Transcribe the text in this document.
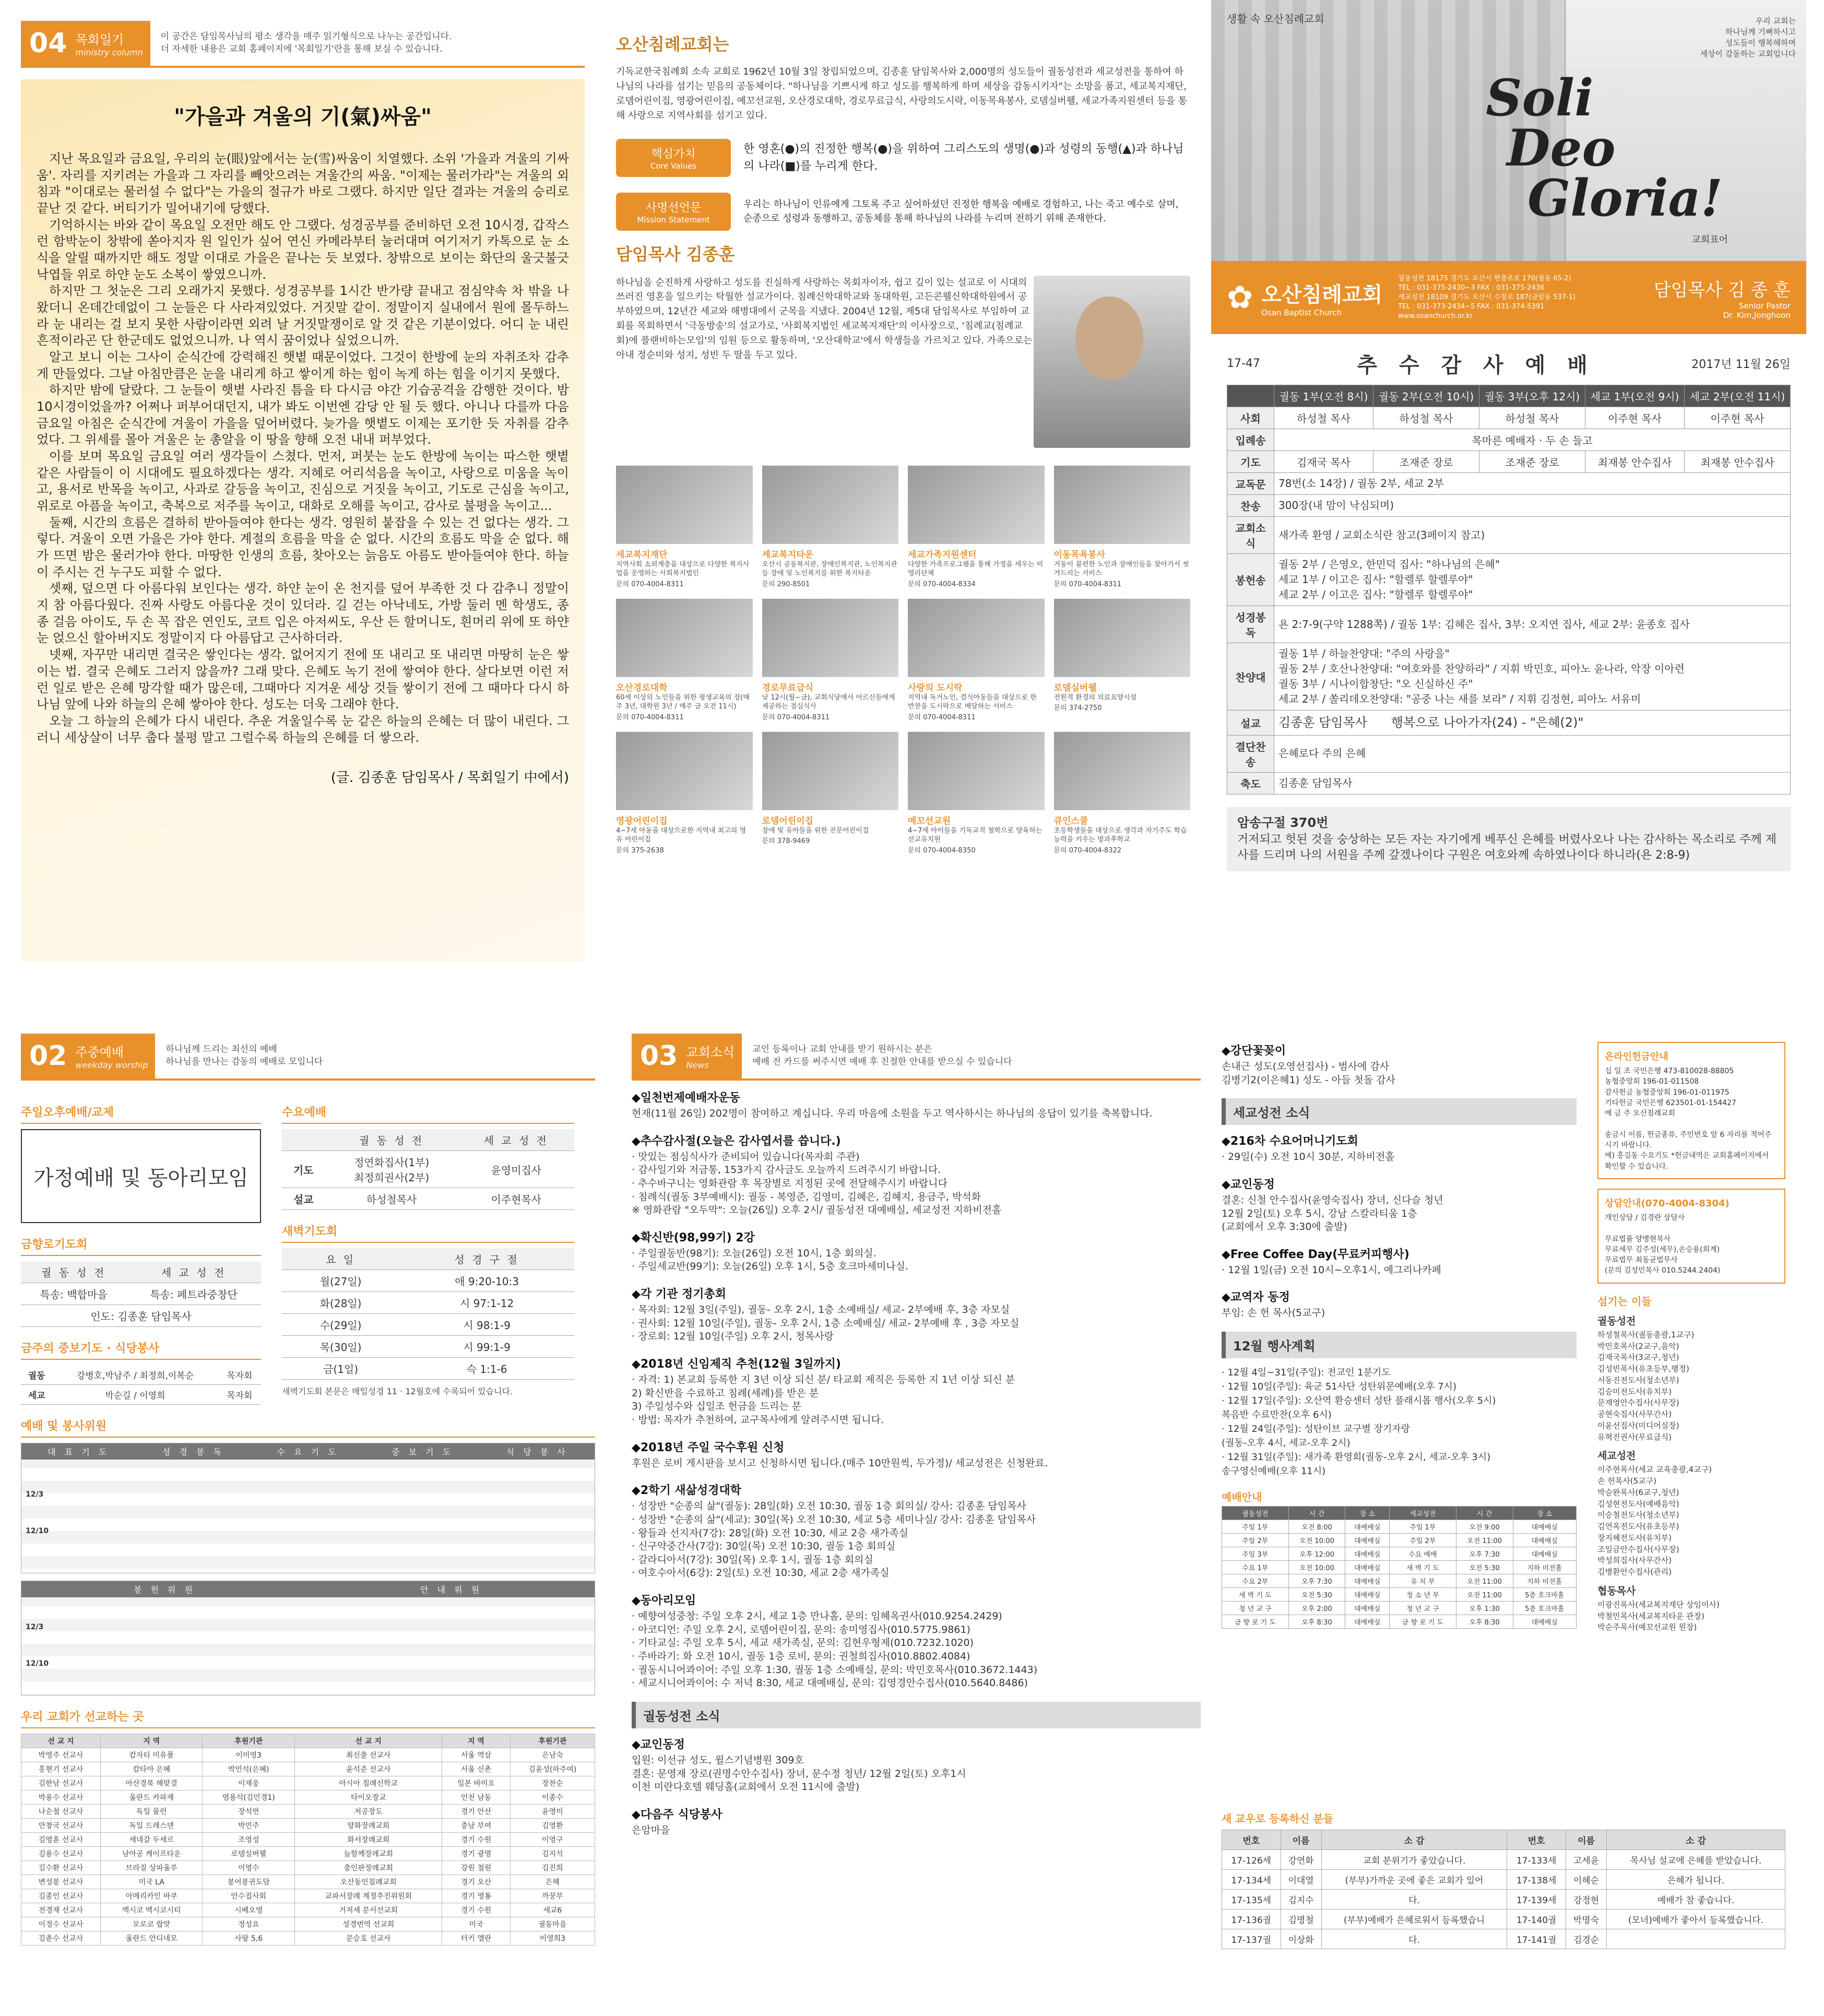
04 목회일기
ministry column
이 공간은 담임목사님의 평소 생각을 매주 읽기형식으로 나누는 공간입니다.
더 자세한 내용은 교회 홈페이지에 '목회일기'란을 통해 보실 수 있습니다.
"가을과 겨울의 기(氣)싸움"

지난 목요일과 금요일, 우리의 눈(眼)앞에서는 눈(雪)싸움이 치열했다. 소위 '가을과 겨울의 기싸움'. 자리를 지키려는 가을과 그 자리를 빼앗으려는 겨울간의 싸움. "이제는 물러가라"는 겨울의 외침과 "이대로는 물러설 수 없다"는 가을의 절규가 바로 그랬다. 하지만 일단 결과는 겨울의 승리로 끝난 것 같다. 버티기가 밀어내기에 당했다.

기억하시는 바와 같이 목요일 오전만 해도 안 그랬다. 성경공부를 준비하던 오전 10시경, 갑작스런 함박눈이 창밖에 쏟아지자 원 일인가 싶어 연신 카메라부터 눌러대며 여기저기 카톡으로 눈 소식을 알릴 때까지만 해도 정말 이대로 가을은 끝나는 듯 보였다. 창밖으로 보이는 화단의 울긋불긋 낙엽들 위로 하얀 눈도 소복이 쌓였으니까.

하지만 그 첫눈은 그리 오래가지 못했다. 성경공부를 1시간 반가량 끝내고 점심약속 차 밖을 나왔더니 온데간데없이 그 눈들은 다 사라져있었다. 거짓말 같이. 정말이지 실내에서 원에 몰두하느라 눈 내리는 걸 보지 못한 사람이라면 외려 날 거짓말쟁이로 알 것 같은 기분이었다. 어디 눈 내린 흔적이라곤 단 한군데도 없었으니까. 나 역시 꿈이었나 싶었으니까.

알고 보니 이는 그사이 순식간에 강력해진 햇볕 때문이었다. 그것이 한방에 눈의 자취조차 감추게 만들었다. 그날 아침만큼은 눈을 내리게 하고 쌓이게 하는 힘이 녹게 하는 힘을 이기지 못했다.

하지만 밤에 달랐다. 그 눈들이 햇볕 사라진 틈을 타 다시금 야간 기습공격을 감행한 것이다. 밤10시경이었을까? 어쩌나 퍼부어대던지, 내가 봐도 이번엔 감당 안 될 듯 했다. 아니나 다를까 다음 금요일 아침은 순식간에 겨울이 가을을 덮어버렸다. 늦가을 햇볕도 이제는 포기한 듯 자취를 감추었다. 그 위세를 몰아 겨울은 눈 총알을 이 땅을 향해 오전 내내 퍼부었다.

이를 보며 목요일 금요일 여러 생각들이 스쳤다. 먼저, 퍼붓는 눈도 한방에 녹이는 따스한 햇볕 같은 사람들이 이 시대에도 필요하겠다는 생각. 지혜로 어리석음을 녹이고, 사랑으로 미움을 녹이고, 용서로 반목을 녹이고, 사과로 갈등을 녹이고, 진심으로 거짓을 녹이고, 기도로 근심을 녹이고, 위로로 아픔을 녹이고, 축복으로 저주를 녹이고, 대화로 오해를 녹이고, 감사로 불평을 녹이고...

둘째, 시간의 흐름은 결하히 받아들여야 한다는 생각. 영원히 붙잡을 수 있는 건 없다는 생각. 그렇다. 겨울이 오면 가을은 가야 한다. 계절의 흐름을 막을 순 없다. 시간의 흐름도 막을 순 없다. 해가 뜨면 밤은 물러가야 한다. 마땅한 인생의 흐름, 찾아오는 늙음도 아름도 받아들여야 한다. 하늘이 주시는 건 누구도 피할 수 없다.

셋째, 덮으면 다 아름다워 보인다는 생각. 하얀 눈이 온 천지를 덮어 부족한 것 다 감추니 정말이지 참 아름다웠다. 진짜 사랑도 아름다운 것이 있더라. 길 걷는 아낙네도, 가방 둘러 멘 학생도, 종종 걸음 아이도, 두 손 꼭 잡은 연인도, 코트 입은 아저씨도, 우산 든 할머니도, 흰머리 위에 또 하얀 눈 얹으신 할아버지도 정말이지 다 아름답고 근사하더라.

넷째, 자꾸만 내리면 결국은 쌓인다는 생각. 없어지기 전에 또 내리고 또 내리면 마땅히 눈은 쌓이는 법. 결국 은혜도 그러지 않을까? 그래 맞다. 은혜도 녹기 전에 쌓여야 한다. 살다보면 이런 저런 일로 받은 은혜 망각할 때가 많은데, 그때마다 지겨운 세상 것들 쌓이기 전에 그 때마다 다시 하나님 앞에 나와 하늘의 은혜 쌓아야 한다. 성도는 더욱 그래야 한다.

오늘 그 하늘의 은혜가 다시 내린다. 추운 겨울일수록 눈 같은 하늘의 은혜는 더 많이 내린다. 그러니 세상살이 너무 춥다 불평 말고 그럴수록 하늘의 은혜를 더 쌓으라.

(글. 김종훈 담임목사 / 목회일기 中에서)
오산침례교회는

기독교한국침례회 소속 교회로 1962년 10월 3일 창립되었으며, 김종훈 담임목사와 2,000명의 성도들이 궐동성전과 세교성전을 통하여 하나님의 나라를 섬기는 믿음의 공동체이다. "하나님을 기쁘시게 하고 성도를 행복하게 하며 세상을 감동시키자"는 소망을 품고, 세교복지재단, 로뎀어린이집, 영광어린이집, 예꼬선교원, 오산경로대학, 경로무료급식, 사랑의도시락, 이동목욕봉사, 로뎀실버웰, 세교가족지원센터 등을 통해 사랑으로 지역사회를 섬기고 있다.

핵심가치
Core Values
한 영혼(●)의 진정한 행복(●)을 위하여 그리스도의 생명(●)과 성령의 동행(▲)과 하나님의 나라(■)를 누리게 한다.
사명선언문
Mission Statement
우리는 하나님이 인류에게 그토록 주고 싶어하셨던 진정한 행복을 예배로 경험하고, 나는 죽고 예수로 살며, 순종으로 성령과 동행하고, 공동체를 통해 하나님의 나라를 누리며 전하기 위해 존재한다.
담임목사 김종훈

하나님을 순진하게 사랑하고 성도를 진실하게 사랑하는 목회자이자, 쉽고 깊이 있는 설교로 이 시대의 쓰러진 영혼을 일으키는 탁월한 설교가이다. 침례신학대학교와 동대학원, 고든콘웰신학대학원에서 공부하였으며, 12년간 세교와 해병대에서 군목을 지냈다. 2004년 12월, 제5대 담임목사로 부임하여 교회를 목회하면서 '극동방송'의 설교가로, '사회복지법인 세교복지재단'의 이사장으로, '침례교(침례교회)에 플랜비하는모임'의 임원 등으로 활동하며, '오산대학교'에서 학생들을 가르치고 있다. 가족으로는 아내 정순미와 성지, 성빈 두 딸을 두고 있다.

세교복지재단
지역사회 소외계층을 대상으로 다양한 복지사업을 운영하는 사회복지법인
문의 070-4004-8311
세교복지타운
오산시 공동복지관, 장애인복지관, 노인복지관 등 장애 및 노인복지를 위한 복지타운
문의 290-8501
세교가족지원센터
다양한 가족프로그램을 통해 가정을 세우는 비영리단체
문의 070-4004-8334
이동목욕봉사
거동이 불편한 노인과 장애인들을 찾아가서 씻겨드리는 서비스
문의 070-4004-8311
오산경로대학
60세 이상의 노인들을 위한 평생교육의 장(매주 3년, 대학원 3년 / 매주 금 오전 11시)
문의 070-4004-8311
경로무료급식
낮 12시(월~금), 교회식당에서 어르신들에게 제공하는 점심식사
문의 070-4004-8311
사랑의 도시락
지역내 독거노인, 결식아동들을 대상으로 한 반찬을 도시락으로 배달하는 서비스
문의 070-4004-8311
로뎀실버웰
전원적 환경의 의료요양시설
문의 374-2750
영광어린이집
4~7세 아동을 대상으로한 지역내 최고의 영유 어린이집
문의 375-2638
로뎀어린이집
장애 및 유아들을 위한 전문어린이집
문의 378-9469
예꼬선교원
4~7세 아이들을 기독교적 철학으로 양육하는 선교유치원
문의 070-4004-8350
큐인스쿨
초등학생들을 대상으로 생각과 자기주도 학습능력을 키우는 방과후학교
문의 070-4004-8322
생활 속 오산침례교회	우리 교회는
하나님께 기뻐하시고
성도들이 행복해하며
세상이 감동하는 교회입니다
Soli
Deo
Gloria!
교회표어
✿ 오산침례교회
Osan Baptist Church
궐동성전 18175 경기도 오산시 현충로로 170(궐동 65-2)
TEL : 031-375-2430~3 FAX : 031-375-2436
세교성전 18109 경기도 오산시 수청로 187(금암동 537-1)
TEL : 031-373-2434~5 FAX : 031-374-5391
www.osanchurch.or.kr
담임목사 김 종 훈
Senior Pastor
Dr. Kim,Jonghoon
17-47	추 수 감 사 예 배	2017년 11월 26일
	궐동 1부(오전 8시)	궐동 2부(오전 10시)	궐동 3부(오후 12시)	세교 1부(오전 9시)	세교 2부(오전 11시)
사회	하성철 목사	하성철 목사	하성철 목사	이주현 목사	이주현 목사
입례송	목마른 예배자 · 두 손 들고				
기도	김재국 목사	조재준 장로	조재준 장로	최재봉 안수집사	최재봉 안수집사
교독문	78번(소 14장) / 궐동 2부, 세교 2부				
찬송	300장(내 맘이 낙심되며)				
교회소식	새가족 환영 / 교회소식란 참고(3페이지 참고)				
봉헌송	궐동 2부 / 은영오, 한민덕 집사: "하나님의 은혜"
세교 1부 / 이고은 집사: "할렐루 할렐루야"
세교 2부 / 이고은 집사: "할렐루 할렐루야"				
성경봉독	욘 2:7-9(구약 1288쪽) / 궐동 1부: 김혜은 집사, 3부: 오지연 집사, 세교 2부: 윤종호 집사				
찬양대	궐동 1부 / 하늘찬양대: "주의 사랑을"
궐동 2부 / 호산나찬양대: "여호와를 찬양하라" / 지휘 박민호, 피아노 윤나라, 악장 이아련
궐동 3부 / 시나이합창단: "오 신실하신 주"
세교 2부 / 쏠리데오찬양대: "공중 나는 새를 보라" / 지휘 김정현, 피아노 서유미				
설교	김종훈 담임목사      행복으로 나아가자(24) - "은혜(2)"				
결단찬송	은혜로다 주의 은혜				
축도	김종훈 담임목사				
암송구절 370번
거저되고 헛된 것을 숭상하는 모든 자는 자기에게 베푸신 은혜를 버렸사오나 나는 감사하는 목소리로 주께 제사를 드리며 나의 서원을 주께 갚겠나이다 구원은 여호와께 속하였나이다 하니라(욘 2:8-9)
02 주중예배
weekday worship
하나님께 드리는 최선의 예배
하나님을 만나는 감동의 예배로 모입니다
주일오후예배/교제
가정예배 및 동아리모임
금향로기도회
궐 동 성 전	세 교 성 전
특송: 백합마을	특송: 페트라중창단
인도: 김종훈 담임목사	
금주의 중보기도 · 식당봉사
궐동	강병호,박남주 / 최정희,이복순	목자회
세교	박순길 / 이영희	목자회
수요예배
	궐 동 성 전	세 교 성 전
기도	정연화집사(1부)
최정희권사(2부)	윤영미집사
설교	하성철목사	이주현목사
새벽기도회
요 일	성 경 구 절
월(27일)	애 9:20-10:3
화(28일)	시 97:1-12
수(29일)	시 98:1-9
목(30일)	시 99:1-9
금(1일)	슥 1:1-6
새벽기도회 본문은 매일성경 11 · 12월호에 수록되어 있습니다.
예배 및 봉사위원
대 표 기 도	성 경 봉 독	수 요 기 도	중 보 기 도	식 당 봉 사
12/3
12/10
봉 헌 위 원	안 내 위 원
12/3
12/10
우리 교회가 선교하는 곳
선 교 지	지 역	후원기관	선 교 지	지 역	후원기관
박영주 선교사	캄자티 미유폴	이미영3	최신출 선교사	서울 역삼	은남숙
홍현기 선교사	캄타아 은혜	박민석(은혜)	윤석준 선교사	서울 신촌	김윤성(하주여)
김한남 선교사	아산경북 해맞결	이재웅	아시아 침례신학교	일본 바미오	장찬순
박용수 선교사	울란드 카파제	염용석(김민경1)	타이오장교	인천 남동	이종수
나순철 선교사	독일 물런	장석연	저공장도	경기 안산	윤영미
안창국 선교사	독일 드레스덴	박민주	양화장례교회	충남 부여	김영환
김영훈 선교사	세네갈 두세르	조영성	화서장례교회	경기 수원	이영구
김용수 선교사	남아공 케이프타운	로뎀실버웰	늘함께장례교회	경기 광명	김지석
김수환 선교사	브라질 상파울루	이영수	충인판장례교회	강원 철원	김진희
변성봉 선교사	미국 LA	봉어봉권도담	오산동인침례교회	경기 오산	은혜
김종인 선교사	아메리카인 바쿠	안수집사회	교파서장례 계정추진위원회	경기 영통	까꿍부
전경재 선교사	멕시코 멕시코시티	시베오영	거저세 문서선교회	경기 수원	세교6
이정수 선교사	모로코 랍맛	정성요	성경번역 선교회	미국	궐동마을
김춘수 선교사	울란드 안디네모	사랑 5,6	문승호 선교사	터키 앨란	이영희3
03 교회소식
News
교인 등록이나 교회 안내를 받기 원하시는 분은
예배 전 카드를 써주시면 예배 후 친절한 안내를 받으실 수 있습니다
◆일천번제예배자운동

현재(11월 26일) 202명이 참여하고 계십니다. 우리 마음에 소원을 두고 역사하시는 하나님의 응답이 있기를 축복합니다.

◆추수감사절(오늘은 감사엽서를 씁니다.)

· 맛있는 점심식사가 준비되어 있습니다(목자회 주관)
· 감사일기와 저금통, 153가지 감사글도 오늘까지 드려주시기 바랍니다.
· 추수바구니는 영화관람 후 목장별로 지정된 곳에 전달해주시기 바랍니다
· 침례식(궐동 3부예배시): 궐동 - 복영준, 김영미, 김혜은, 김혜지, 용금주, 박석화
※ 영화관람 "오두막": 오늘(26일) 오후 2시/ 궐동성전 대예배실, 세교성전 지하비전홀

◆확신반(98,99기) 2강

· 주일궐동반(98기): 오늘(26일) 오전 10시, 1층 회의실.
· 주일세교반(99기): 오늘(26일) 오후 1시, 5층 호크마세미나실.

◆각 기관 정기총회

· 목자회: 12월 3일(주일), 궐동- 오후 2시, 1층 소예배실/ 세교- 2부예배 후, 3층 자모실
· 권사회: 12월 10일(주일), 궐동- 오후 2시, 1층 소예배실/ 세교- 2부예배 후 , 3층 자모실
· 장로회: 12월 10일(주일) 오후 2시, 청목사랑

◆2018년 신임제직 추천(12월 3일까지)

· 자격: 1) 본교회 등록한 지 3년 이상 되신 분/ 타교회 제직은 등록한 지 1년 이상 되신 분
2) 확신반을 수료하고 침례(세례)를 받은 분
3) 주일성수와 십일조 헌금을 드리는 분
· 방법: 목자가 추천하여, 교구목사에게 알려주시면 됩니다.

◆2018년 주일 국수후원 신청

후원은 로비 게시판을 보시고 신청하시면 됩니다.(매주 10만원씩, 두가정)/ 세교성전은 신청완료.

◆2학기 새삶성경대학

· 성장반 "순종의 삶"(궐동): 28일(화) 오전 10:30, 궐동 1층 회의실/ 강사: 김종훈 담임목사
· 성장반 "순종의 삶"(세교): 30일(목) 오전 10:30, 세교 5층 세미나실/ 강사: 김종훈 담임목사
· 왕들과 선지자(7강): 28일(화) 오전 10:30, 세교 2층 새가족실
· 신구약중간사(7강): 30일(목) 오전 10:30, 궐동 1층 회의실
· 갈라디아서(7강): 30일(목) 오후 1시, 궐동 1층 회의실
· 여호수아서(6강): 2일(토) 오전 10:30, 세교 2층 새가족실

◆동아리모임

· 예향여성중창: 주일 오후 2시, 세교 1층 만나홀, 문의: 임혜옥권사(010.9254.2429)
· 아코디언: 주일 오후 2시, 로뎀어린이집, 문의: 송미영집사(010.5775.9861)
· 기타교실: 주일 오후 5시, 세교 새가족실, 문의: 김현우형제(010.7232.1020)
· 주바라기: 화 오전 10시, 궐동 1층 로비, 문의: 권철희집사(010.8802.4084)
· 궐동시니어콰이어: 주일 오후 1:30, 궐동 1층 소예배실, 문의: 박민호목사(010.3672.1443)
· 세교시니어콰이어: 수 저녁 8:30, 세교 대예배실, 문의: 김영경안수집사(010.5640.8486)

궐동성전 소식
◆교인동정

입원: 이선규 성도, 윌스기념병원 309호
결혼: 문영재 장로(권명수안수집사) 장녀, 문수정 청년/ 12월 2일(토) 오후1시
이천 미란다호텔 웨딩홀(교회에서 오전 11시에 출발)

◆다음주 식당봉사

은암마을

◆강단꽃꽂이

손내근 성도(오영선집사) - 범사에 감사
김병기2(이은혜1) 성도 - 아들 첫돌 감사

세교성전 소식
◆216차 수요어머니기도회

· 29일(수) 오전 10시 30분, 지하비전홀

◆교인동정

결혼: 신철 안수집사(윤영숙집사) 장녀, 신다슬 청년
12월 2일(토) 오후 5시, 강남 스칼라티움 1층
(교회에서 오후 3:30에 출발)

◆Free Coffee Day(무료커피행사)

· 12월 1일(금) 오전 10시~오후1시, 예그리나카페

◆교역자 동정

부임: 손 헌 목사(5교구)

12월 행사계획

· 12월 4일~31일(주일): 전교인 1분기도
· 12월 10일(주일): 육군 51사단 성탄위문예배(오후 7시)
· 12월 17일(주일): 오산역 환승센터 성탄 플래시몹 행사(오후 5시)
복음반 수료만찬(오후 6시)
· 12월 24일(주일): 성탄이브 교구별 장기자랑
(궐동-오후 4시, 세교-오후 2시)
· 12월 31일(주일): 새가족 환영회(궐동-오후 2시, 세교-오후 3시)
송구영신예배(오후 11시)

예배안내
궐동성전	시 간	장 소	세교성전	시 간	장 소
주일 1부	오전 8:00	대예배실	주일 1부	오전 9:00	대예배실
주일 2부	오전 10:00	대예배실	주일 2부	오전 11:00	대예배실
주일 3부	오후 12:00	대예배실	수요 예배	오후 7:30	대예배실
수요 1부	오전 10:00	대예배실	새 벽 기 도	오전 5:30	지하 비전홀
수요 2부	오후 7:30	대예배실	유 치 부	오전 11:00	지하 비전홀
새 벽 기 도	오전 5:30	대예배실	청 소 년 부	오전 11:00	5층 호크마홀
청 년 교 구	오후 2:00	대예배실	청 년 교 구	오후 1:30	5층 호크마홀
금 향 로 기 도	오후 8:30	대예배실	금 향 로 기 도	오후 8:30	대예배실
온라인헌금안내

십 일 조 국민은행 473-810028-88805
농협중앙회 196-01-011508
감사헌금 농협중앙회 196-01-011975
기타헌금 국민은행 623501-01-154427
예 금 주 오산침례교회

송금시 이름, 헌금종류, 주민번호 앞 6 자리를 적어주시기 바랍니다.
예) 홍길동 수요기도 *헌금내역은 교회홈페이지에서 확인할 수 있습니다.

상담안내(070-4004-8304)

개인상담 / 김경란 상담사

무료법률 양병현목사
무료세무 김주성(세무),손승용(회계)
무료법무 최동균법무사
(문의 김성민목사 010.5244.2404)

섬기는 이들
궐동성전

하성철목사(궐동총괄,1교구)
박민호목사(2교구,음악)
김재국목사(3교구,청년)
김성빈목사(유초등부,행정)
서동진전도사(청소년부)
김승미전도사(유치부)
문재영안수집사(사무장)
공현숙집사(사무간사)
이윤선집사(미디어실장)
유혁진권사(무료급식)

세교성전

이주현목사(세교 교육총괄,4교구)
손 헌목사(5교구)
박승완목사(6교구,청년)
김성현전도사(예배음악)
이승철전도사(청소년부)
김연옥전도사(유초등부)
장지혜전도사(유치부)
조일금안수집사(사무장)
박성희집사(사무간사)
김병환안수집사(관리)

협동목사

이광진목사(세교복지재단 상임이사)
박철민목사(세교복지타운 관장)
박순주목사(예꼬선교원 원장)

새 교우로 등록하신 분들
번호	이름	소 감	번호	이름	소 감
17-126세	강연화	교회 분위기가 좋았습니다.	17-133세	고세윤	목사님 설교에 은혜를 받았습니다.
17-134세	이대열	(부부)가까운 곳에 좋은 교회가 있어	17-138세	이혜순	은혜가 됩니다.
17-135세	김지수	다.	17-139세	강정현	예배가 참 좋습니다.
17-136궐	김명철	(부부)예배가 은혜로워서 등록했습니	17-140궐	박명숙	(모녀)예배가 좋아서 등록했습니다.
17-137궐	이상화	다.	17-141궐	김경순	
